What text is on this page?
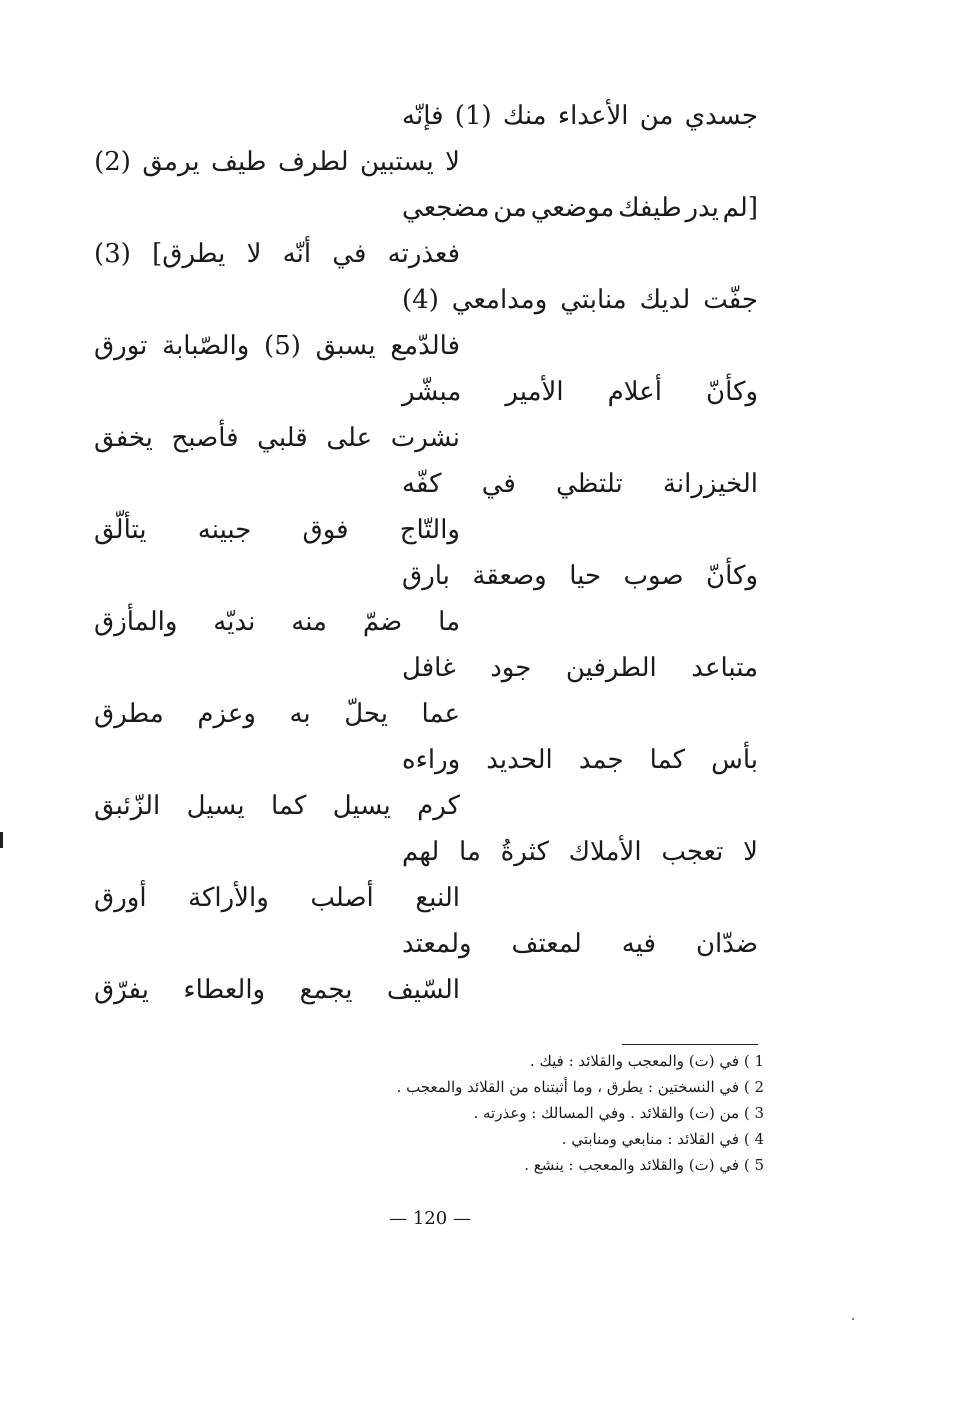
جسدي
من
الأعداء
منك
(1)
فإنّه
لا
يستبين
لطرف
طيف
يرمق
(2)
[لم
يدر
طيفك
موضعي
من
مضجعي
فعذرته
في
أنّه
لا
يطرق]
(3)
جفّت
لديك
منابتي
ومدامعي
(4)
فالدّمع
يسبق
(5)
والصّبابة
تورق
وكأنّ
أعلام
الأمير
مبشّر
نشرت
على
قلبي
فأصبح
يخفق
الخيزرانة
تلتظي
في
كفّه
والتّاج
فوق
جبينه
يتألّق
وكأنّ
صوب
حيا
وصعقة
بارق
ما
ضمّ
منه
نديّه
والمأزق
متباعد
الطرفين
جود
غافل
عما
يحلّ
به
وعزم
مطرق
بأس
كما
جمد
الحديد
وراءه
كرم
يسيل
كما
يسيل
الزّئبق
لا
تعجب
الأملاك
كثرةُ
ما
لهم
النبع
أصلب
والأراكة
أورق
ضدّان
فيه
لمعتف
ولمعتد
السّيف
يجمع
والعطاء
يفرّق
1 ) في (ت) والمعجب والقلائد : فيك .
2 ) في النسختين : يطرق ، وما أثبتناه من القلائد والمعجب .
3 ) من (ت) والقلائد . وفي المسالك : وعذرته .
4 ) في القلائد : منابعي ومنابتي .
5 ) في (ت) والقلائد والمعجب : ينشع .
— 120 —
